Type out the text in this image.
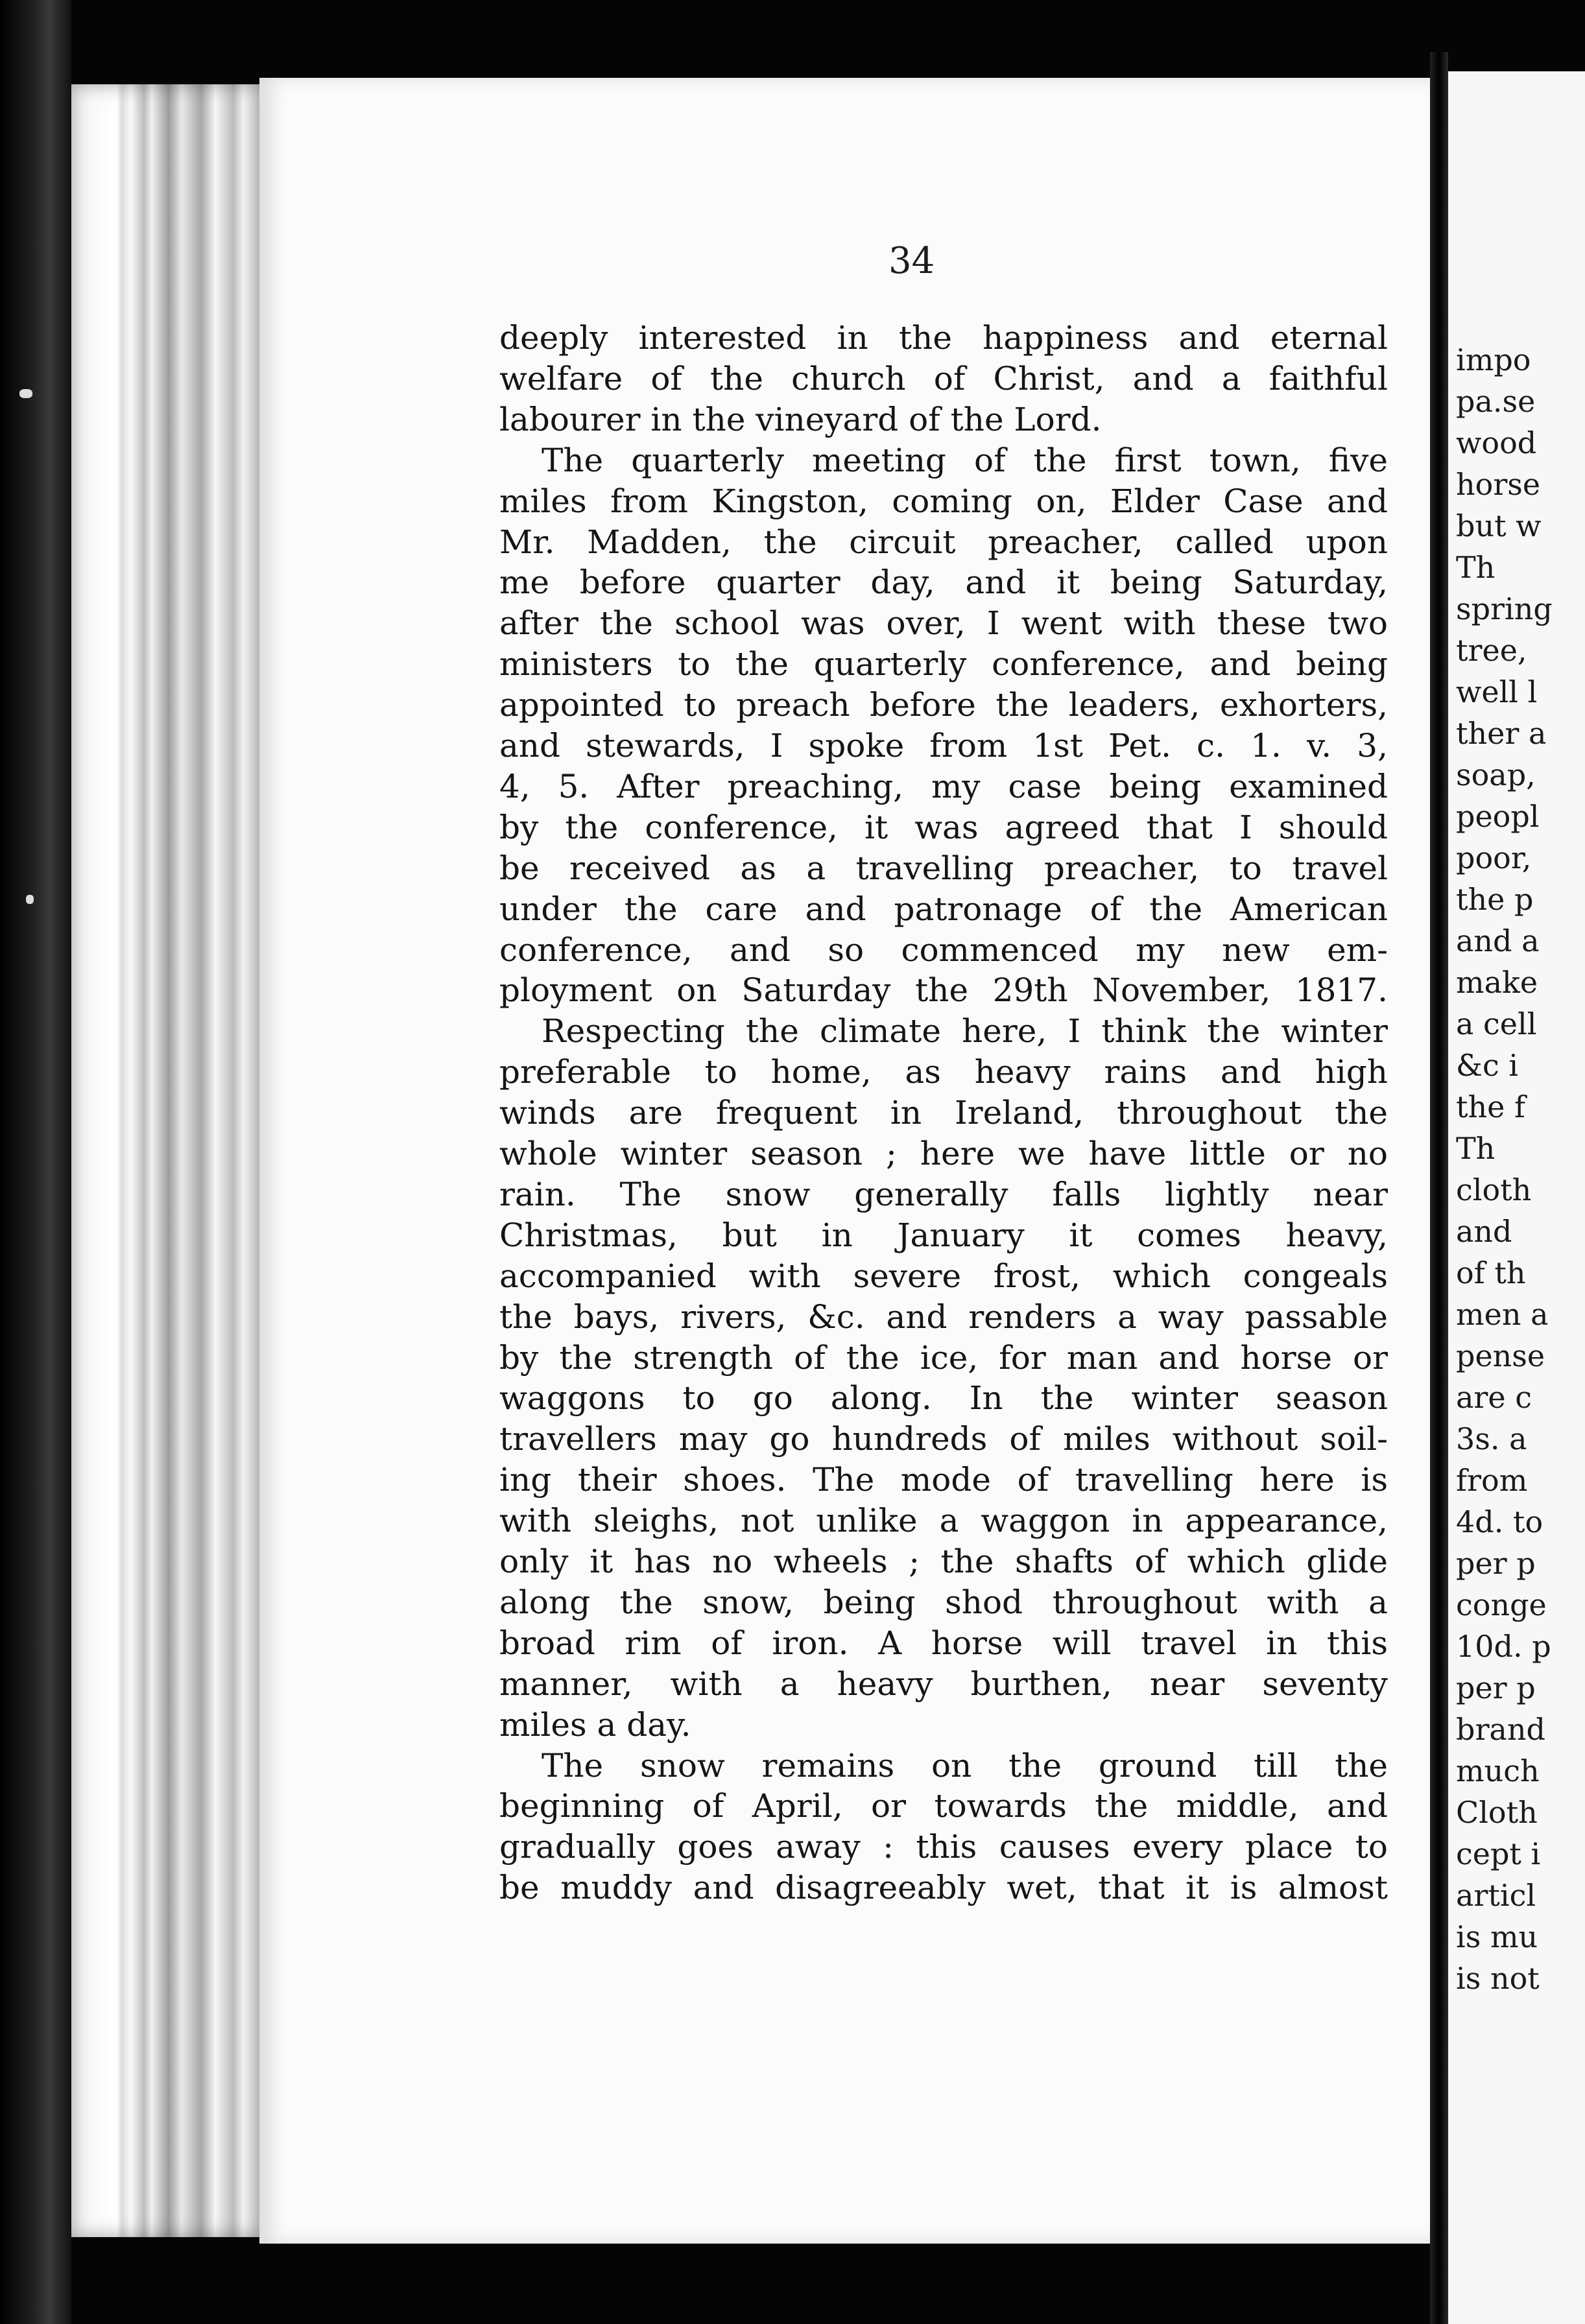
impo
pa.se
wood
horse
but w
Th
spring
tree,
well l
ther a
soap,
peopl
poor,
the p
and a
make
a cell
&c i
the f
Th
cloth
and
of th
men a
pense
are c
3s. a
from
4d. to
per p
conge
10d. p
per p
brand
much
Cloth
cept i
articl
is mu
is not
34
deeply interested in the happiness and eternal
welfare of the church of Christ, and a faithful
labourer in the vineyard of the Lord.
The quarterly meeting of the first town, five
miles from Kingston, coming on, Elder Case and
Mr. Madden, the circuit preacher, called upon
me before quarter day, and it being Saturday,
after the school was over, I went with these two
ministers to the quarterly conference, and being
appointed to preach before the leaders, exhorters,
and stewards, I spoke from 1st Pet. c. 1. v. 3,
4, 5. After preaching, my case being examined
by the conference, it was agreed that I should
be received as a travelling preacher, to travel
under the care and patronage of the American
conference, and so commenced my new em-
ployment on Saturday the 29th November, 1817.
Respecting the climate here, I think the winter
preferable to home, as heavy rains and high
winds are frequent in Ireland, throughout the
whole winter season ; here we have little or no
rain. The snow generally falls lightly near
Christmas, but in January it comes heavy,
accompanied with severe frost, which congeals
the bays, rivers, &c. and renders a way passable
by the strength of the ice, for man and horse or
waggons to go along. In the winter season
travellers may go hundreds of miles without soil-
ing their shoes. The mode of travelling here is
with sleighs, not unlike a waggon in appearance,
only it has no wheels ; the shafts of which glide
along the snow, being shod throughout with a
broad rim of iron. A horse will travel in this
manner, with a heavy burthen, near seventy
miles a day.
The snow remains on the ground till the
beginning of April, or towards the middle, and
gradually goes away : this causes every place to
be muddy and disagreeably wet, that it is almost
